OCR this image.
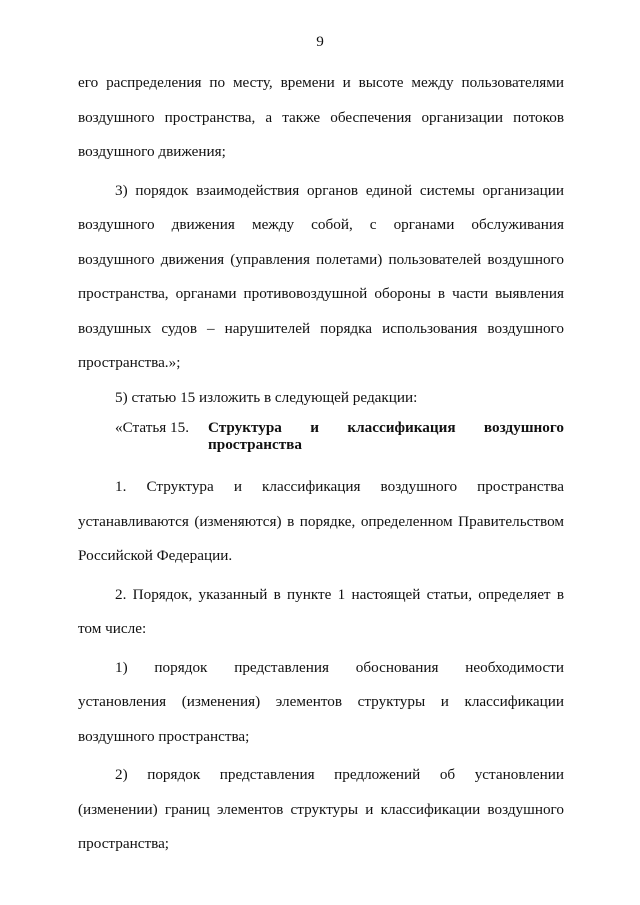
9

его распределения по месту, времени и высоте между пользователями воздушного пространства, а также обеспечения организации потоков воздушного движения;

3) порядок взаимодействия органов единой системы организации воздушного движения между собой, с органами обслуживания воздушного движения (управления полетами) пользователей воздушного пространства, органами противовоздушной обороны в части выявления воздушных судов – нарушителей порядка использования воздушного пространства.»;

5) статью 15 изложить в следующей редакции:

«Статья 15.	Структура и классификация воздушного
пространства

1. Структура и классификация воздушного пространства устанавливаются (изменяются) в порядке, определенном Правительством Российской Федерации.

2. Порядок, указанный в пункте 1 настоящей статьи, определяет в том числе:

1) порядок представления обоснования необходимости установления (изменения) элементов структуры и классификации воздушного пространства;

2) порядок представления предложений об установлении (изменении) границ элементов структуры и классификации воздушного пространства;
